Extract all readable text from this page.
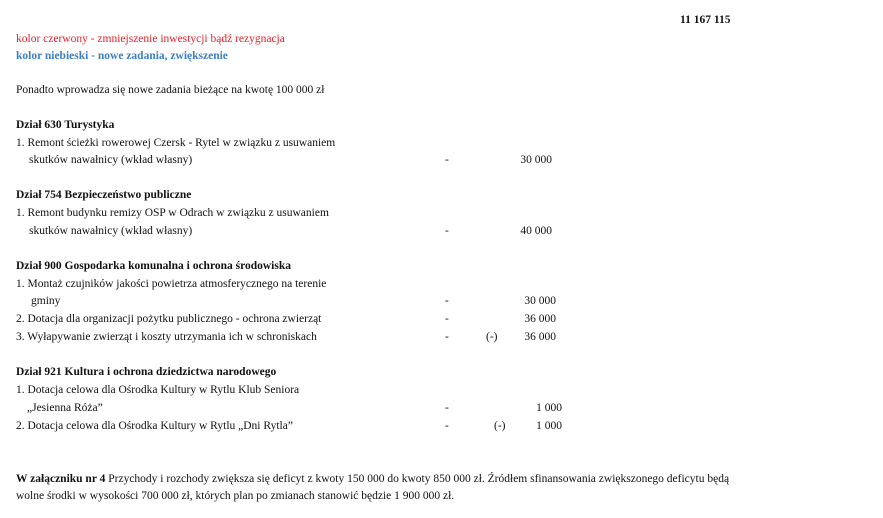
11 167 115
kolor czerwony - zmniejszenie inwestycji bądź rezygnacja
kolor niebieski - nowe zadania, zwiększenie
Ponadto wprowadza się nowe zadania bieżące na kwotę 100 000 zł
Dział 630 Turystyka
1. Remont ścieżki rowerowej Czersk - Rytel w związku z usuwaniem
skutków nawałnicy (wkład własny)	-	30 000
Dział 754 Bezpieczeństwo publiczne
1. Remont budynku remizy OSP w Odrach w związku z usuwaniem
skutków nawałnicy (wkład własny)	-	40 000
Dział 900 Gospodarka komunalna i ochrona środowiska
1. Montaż czujników jakości powietrza atmosferycznego na terenie
gminy	-	30 000
2. Dotacja dla organizacji pożytku publicznego - ochrona zwierząt	-	36 000
3. Wyłapywanie zwierząt i koszty utrzymania ich w schroniskach	-	(-)	36 000
Dział 921 Kultura i ochrona dziedzictwa narodowego
1. Dotacja celowa dla Ośrodka Kultury w Rytlu Klub Seniora
„Jesienna Róża”	-	1 000
2. Dotacja celowa dla Ośrodka Kultury w Rytlu „Dni Rytla”	-	(-)	1 000
W załączniku nr 4 Przychody i rozchody zwiększa się deficyt z kwoty 150 000 do kwoty 850 000 zł. Źródłem sfinansowania zwiększonego deficytu będą
wolne środki w wysokości 700 000 zł, których plan po zmianach stanowić będzie 1 900 000 zł.
